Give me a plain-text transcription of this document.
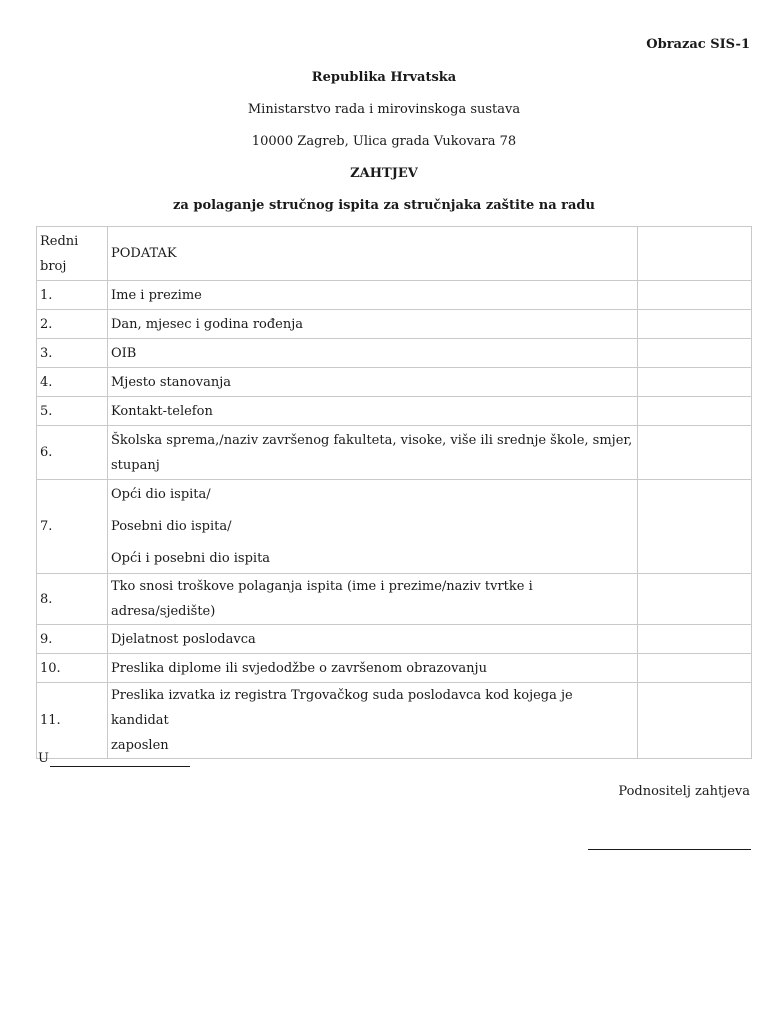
Obrazac SIS-1
Republika Hrvatska
Ministarstvo rada i mirovinskoga sustava
10000 Zagreb, Ulica grada Vukovara 78
ZAHTJEV
za polaganje stručnog ispita za stručnjaka zaštite na radu
Redni
broj	PODATAK	
1.	Ime i prezime	

2.	Dan, mjesec i godina rođenja	

3.	OIB	

4.	Mjesto stanovanja	

5.	Kontakt-telefon	

6.	Školska sprema,/naziv završenog fakulteta, visoke, više ili srednje škole, smjer,
stupanj	

7.	Opći dio ispita/
Posebni dio ispita/
Opći i posebni dio ispita	

8.	Tko snosi troškove polaganja ispita (ime i prezime/naziv tvrtke i adresa/sjedište)	

9.	Djelatnost poslodavca	

10.	Preslika diplome ili svjedodžbe o završenom obrazovanju	

11.	Preslika izvatka iz registra Trgovačkog suda poslodavca kod kojega je kandidat
zaposlen	

U
Podnositelj zahtjeva
